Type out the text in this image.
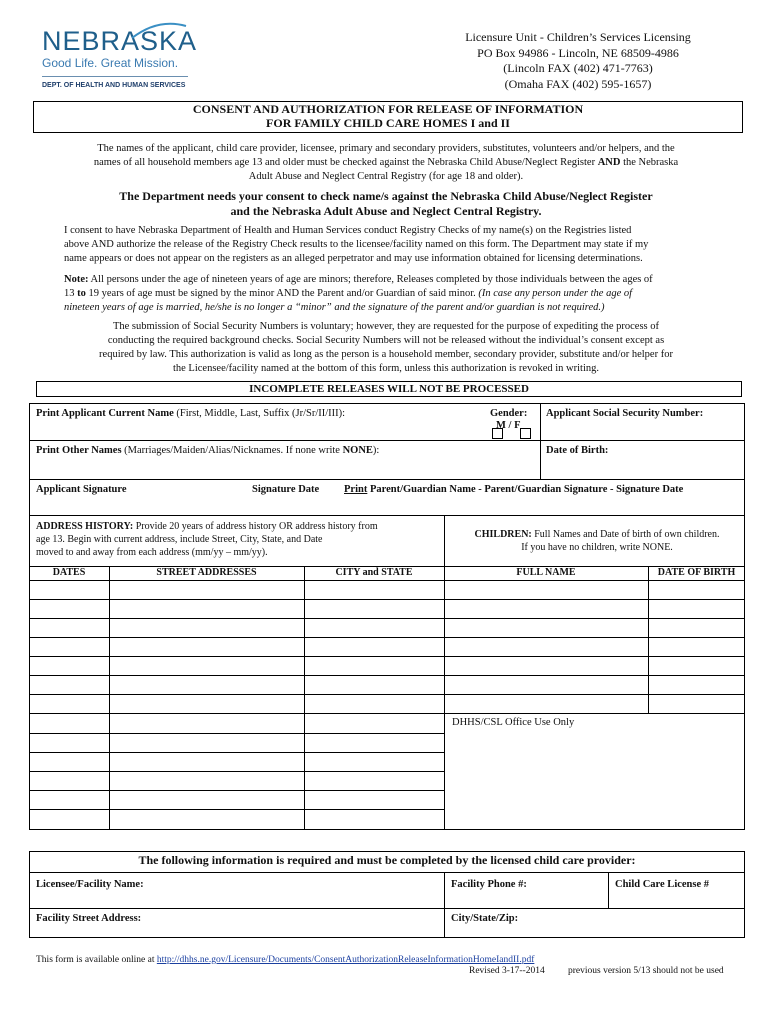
NEBRASKA
Good Life. Great Mission.
DEPT. OF HEALTH AND HUMAN SERVICES
Licensure Unit - Children’s Services Licensing
PO Box 94986 - Lincoln, NE 68509-4986
(Lincoln FAX (402) 471-7763)
(Omaha FAX (402) 595-1657)
CONSENT AND AUTHORIZATION FOR RELEASE OF INFORMATION
FOR FAMILY CHILD CARE HOMES I and II

The names of the applicant, child care provider, licensee, primary and secondary providers, substitutes, volunteers and/or helpers, and the
names of all household members age 13 and older must be checked against the Nebraska Child Abuse/Neglect Register AND the Nebraska
Adult Abuse and Neglect Central Registry (for age 18 and older).

The Department needs your consent to check name/s against the Nebraska Child Abuse/Neglect Register
and the Nebraska Adult Abuse and Neglect Central Registry.

I consent to have Nebraska Department of Health and Human Services conduct Registry Checks of my name(s) on the Registries listed
above AND authorize the release of the Registry Check results to the licensee/facility named on this form. The Department may state if my
name appears or does not appear on the registers as an alleged perpetrator and may use information obtained for licensing determinations.

Note: All persons under the age of nineteen years of age are minors; therefore, Releases completed by those individuals between the ages of
13 to 19 years of age must be signed by the minor AND the Parent and/or Guardian of said minor. (In case any person under the age of
nineteen years of age is married, he/she is no longer a “minor” and the signature of the parent and/or guardian is not required.)

The submission of Social Security Numbers is voluntary; however, they are requested for the purpose of expediting the process of
conducting the required background checks. Social Security Numbers will not be released without the individual’s consent except as
required by law. This authorization is valid as long as the person is a household member, secondary provider, substitute and/or helper for
the Licensee/facility named at the bottom of this form, unless this authorization is revoked in writing.

INCOMPLETE RELEASES WILL NOT BE PROCESSED
Print Applicant Current Name (First, Middle, Last, Suffix (Jr/Sr/II/III):	Gender:
M / F
Applicant Social Security Number:
Print Other Names (Marriages/Maiden/Alias/Nicknames. If none write NONE):	Date of Birth:
Applicant Signature	Signature Date Print Parent/Guardian Name - Parent/Guardian Signature - Signature Date
ADDRESS HISTORY: Provide 20 years of address history OR address history from
age 13. Begin with current address, include Street, City, State, and Date
moved to and away from each address (mm/yy – mm/yy).
CHILDREN: Full Names and Date of birth of own children.
If you have no children, write NONE.
DATES	STREET ADDRESSES	CITY and STATE	FULL NAME	DATE OF BIRTH
DHHS/CSL Office Use Only
The following information is required and must be completed by the licensed child care provider:
Licensee/Facility Name:	Facility Phone #:	Child Care License #
Facility Street Address:	City/State/Zip:
This form is available online at http://dhhs.ne.gov/Licensure/Documents/ConsentAuthorizationReleaseInformationHomeIandII.pdf
Revised 3-17--2014 previous version 5/13 should not be used
